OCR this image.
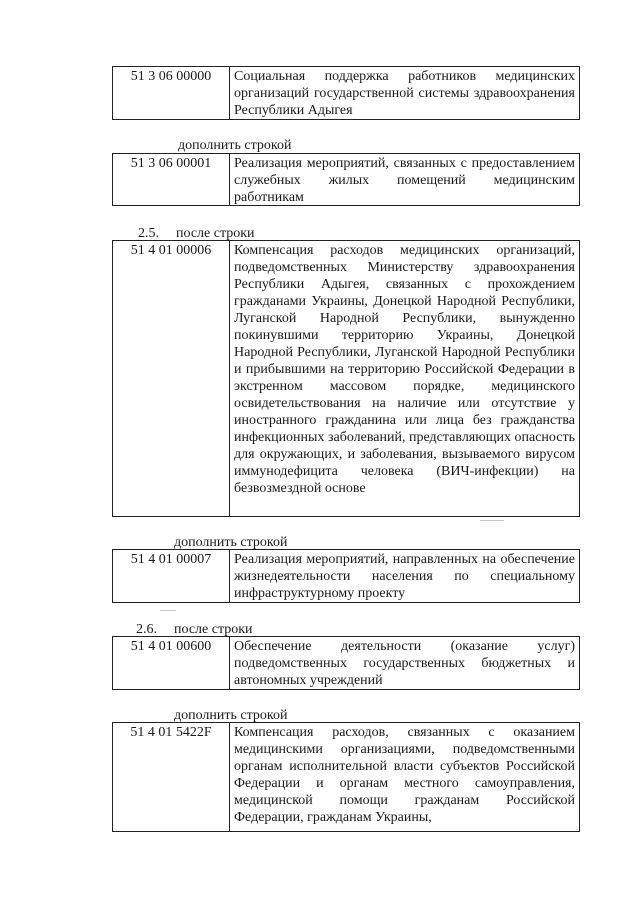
51 3 06 00000	Социальная поддержка работников медицинских организаций государственной системы здравоохранения Республики Адыгея
дополнить строкой
51 3 06 00001	Реализация мероприятий, связанных с предоставлением служебных жилых помещений медицинским работникам
2.5. после строки
51 4 01 00006	Компенсация расходов медицинских организаций, подведомственных Министерству здравоохранения Республики Адыгея, связанных с прохождением гражданами Украины, Донецкой Народной Республики, Луганской Народной Республики, вынужденно покинувшими территорию Украины, Донецкой Народной Республики, Луганской Народной Республики и прибывшими на территорию Российской Федерации в экстренном массовом порядке, медицинского освидетельствования на наличие или отсутствие у иностранного гражданина или лица без гражданства инфекционных заболеваний, представляющих опасность для окружающих, и заболевания, вызываемого вирусом иммунодефицита человека (ВИЧ-инфекции) на безвозмездной основе
дополнить строкой
51 4 01 00007	Реализация мероприятий, направленных на обеспечение жизнедеятельности населения по специальному инфраструктурному проекту
2.6. после строки
51 4 01 00600	Обеспечение деятельности (оказание услуг) подведомственных государственных бюджетных и автономных учреждений
дополнить строкой
51 4 01 5422F	Компенсация расходов, связанных с оказанием медицинскими организациями, подведомственными органам исполнительной власти субъектов Российской Федерации и органам местного самоуправления, медицинской помощи гражданам Российской Федерации, гражданам Украины,
